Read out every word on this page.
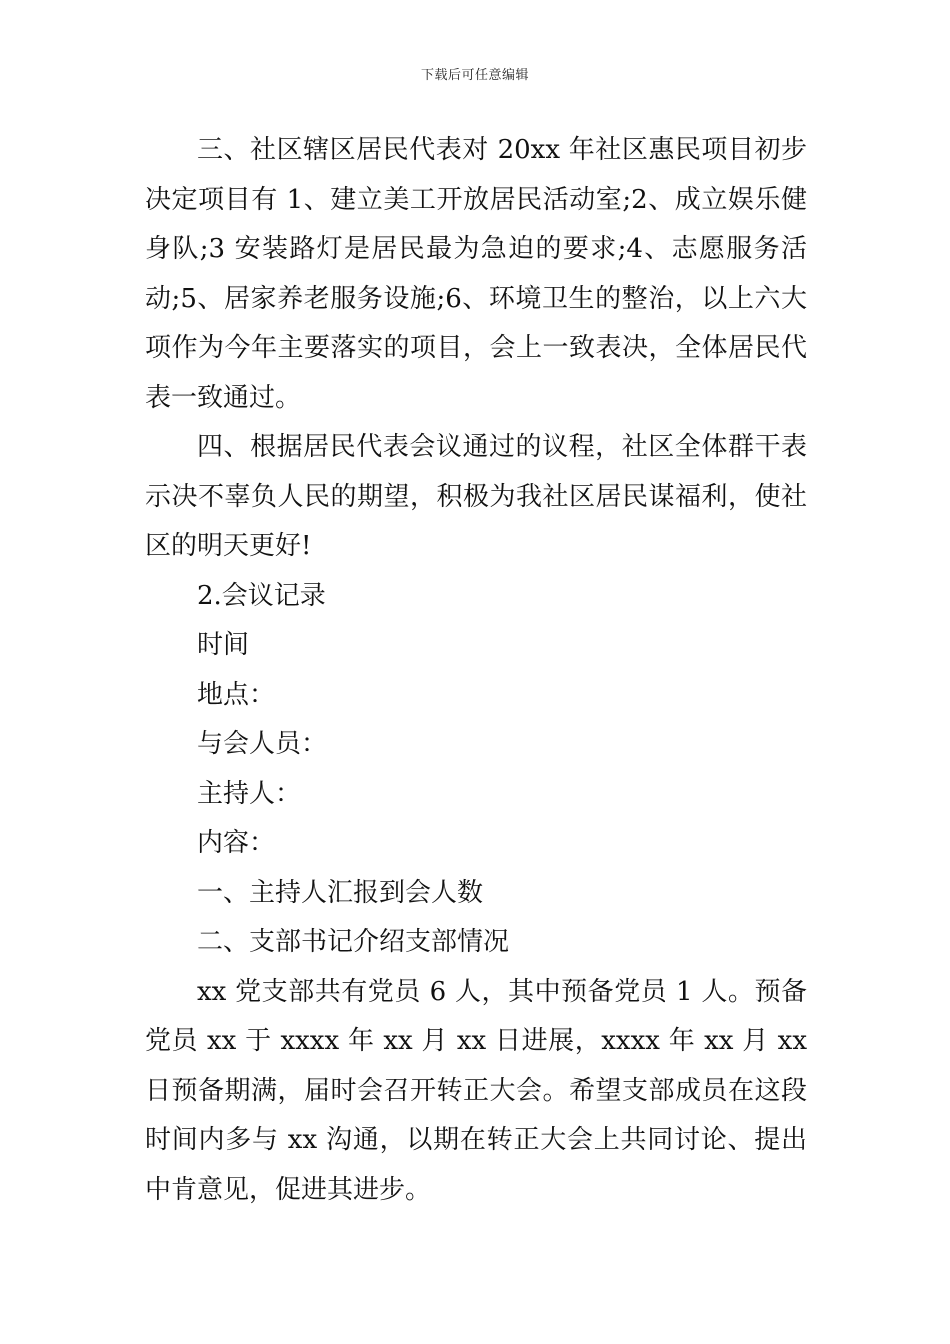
下载后可任意编辑

三、社区辖区居民代表对 20xx 年社区惠民项目初步决定项目有 1、建立美工开放居民活动室;2、成立娱乐健身队;3 安装路灯是居民最为急迫的要求;4、志愿服务活动;5、居家养老服务设施;6、环境卫生的整治，以上六大项作为今年主要落实的项目，会上一致表决，全体居民代表一致通过。

四、根据居民代表会议通过的议程，社区全体群干表示决不辜负人民的期望，积极为我社区居民谋福利，使社区的明天更好!

2.会议记录

时间

地点：

与会人员：

主持人：

内容：

一、主持人汇报到会人数

二、支部书记介绍支部情况

xx 党支部共有党员 6 人，其中预备党员 1 人。预备党员 xx 于 xxxx 年 xx 月 xx 日进展，xxxx 年 xx 月 xx 日预备期满，届时会召开转正大会。希望支部成员在这段时间内多与 xx 沟通，以期在转正大会上共同讨论、提出中肯意见，促进其进步。
